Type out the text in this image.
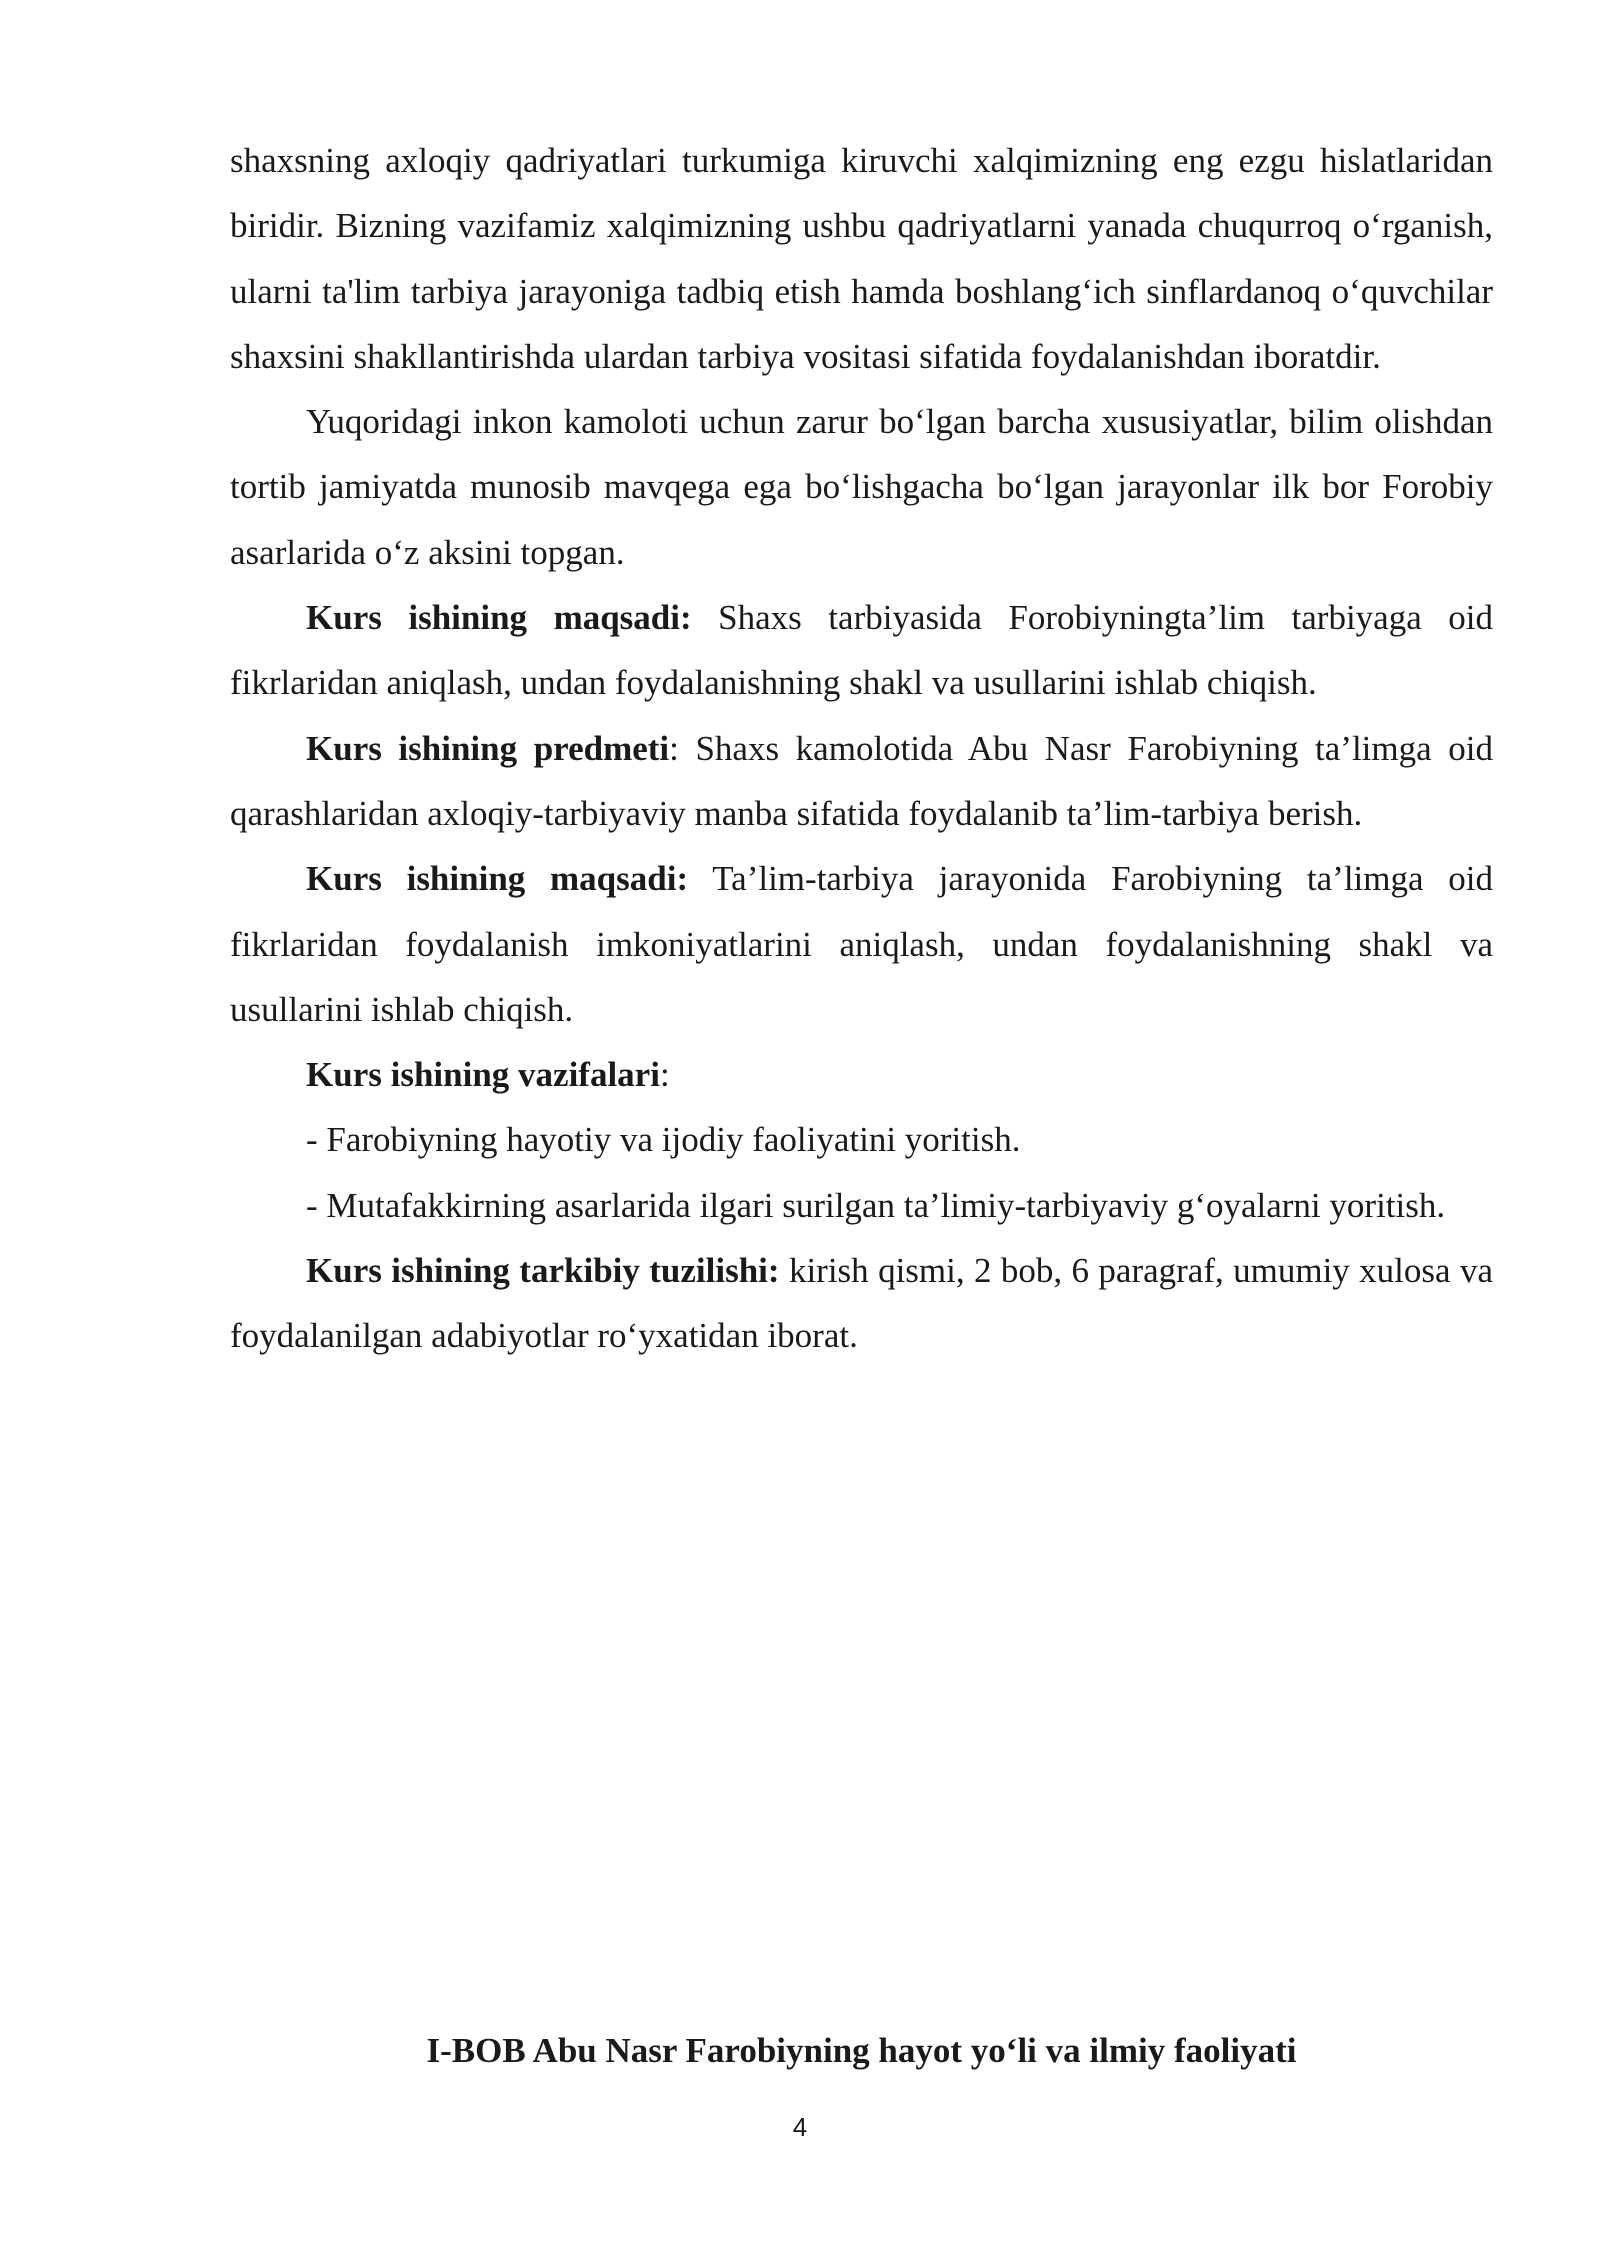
shaxsning axloqiy qadriyatlari turkumiga kiruvchi xalqimizning eng ezgu hislatlaridan biridir. Bizning vazifamiz xalqimizning ushbu qadriyatlarni yanada chuqurroq o‘rganish, ularni ta'lim tarbiya jarayoniga tadbiq etish hamda boshlang‘ich sinflardanoq o‘quvchilar shaxsini shakllantirishda ulardan tarbiya vositasi sifatida foydalanishdan iboratdir.

Yuqoridagi inkon kamoloti uchun zarur bo‘lgan barcha xususiyatlar, bilim olishdan tortib jamiyatda munosib mavqega ega bo‘lishgacha bo‘lgan jarayonlar ilk bor Forobiy asarlarida o‘z aksini topgan.

Kurs ishining maqsadi: Shaxs tarbiyasida Forobiyningta’lim tarbiyaga oid fikrlaridan aniqlash, undan foydalanishning shakl va usullarini ishlab chiqish.

Kurs ishining predmeti: Shaxs kamolotida Abu Nasr Farobiyning ta’limga oid qarashlaridan axloqiy-tarbiyaviy manba sifatida foydalanib ta’lim-tarbiya berish.

Kurs ishining maqsadi: Ta’lim-tarbiya jarayonida Farobiyning ta’limga oid fikrlaridan foydalanish imkoniyatlarini aniqlash, undan foydalanishning shakl va usullarini ishlab chiqish.

Kurs ishining vazifalari:

- Farobiyning hayotiy va ijodiy faoliyatini yoritish.

- Mutafakkirning asarlarida ilgari surilgan ta’limiy-tarbiyaviy g‘oyalarni yoritish.

Kurs ishining tarkibiy tuzilishi: kirish qismi, 2 bob, 6 paragraf, umumiy xulosa va foydalanilgan adabiyotlar ro‘yxatidan iborat.

I-BOB Abu Nasr Farobiyning hayot yo‘li va ilmiy faoliyati
4
